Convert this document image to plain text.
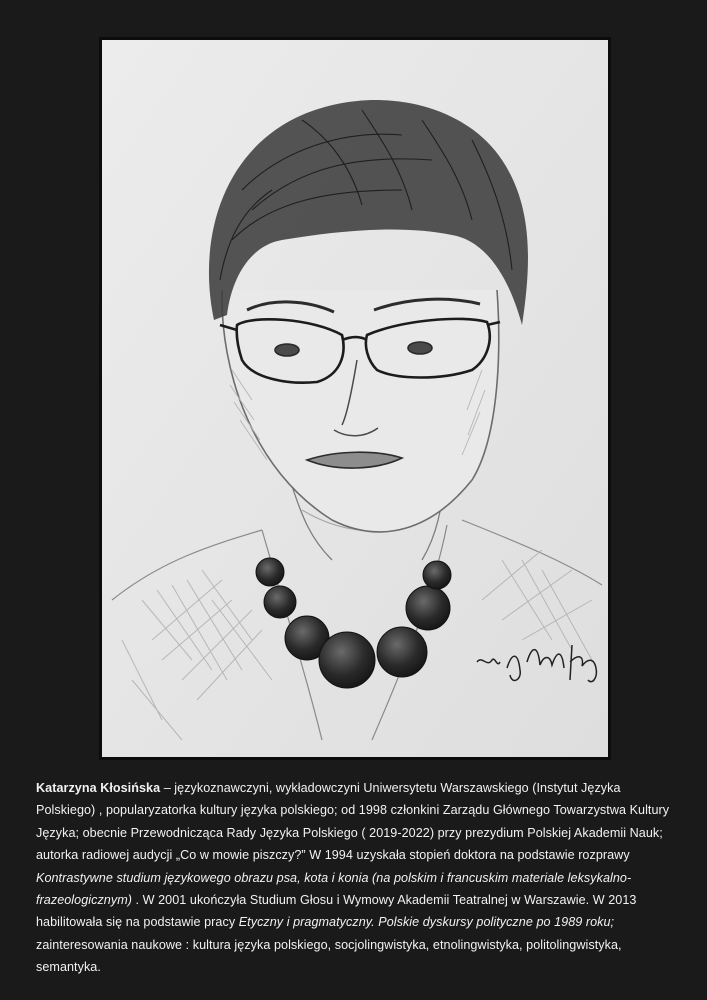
Katarzyna Kłosińska – językoznawczyni, wykładowczyni Uniwersytetu Warszawskiego (Instytut Języka Polskiego) , popularyzatorka kultury języka polskiego; od 1998 członkini Zarządu Głównego Towarzystwa Kultury Języka; obecnie Przewodnicząca Rady Języka Polskiego ( 2019-2022) przy prezydium Polskiej Akademii Nauk; autorka radiowej audycji „Co w mowie piszczy?” W 1994 uzyskała stopień doktora na podstawie rozprawy Kontrastywne studium językowego obrazu psa, kota i konia (na polskim i francuskim materiale leksykalno-frazeologicznym) . W 2001 ukończyła Studium Głosu i Wymowy Akademii Teatralnej w Warszawie. W 2013 habilitowała się na podstawie pracy Etyczny i pragmatyczny. Polskie dyskursy polityczne po 1989 roku; zainteresowania naukowe : kultura języka polskiego, socjolingwistyka, etnolingwistyka, politolingwistyka, semantyka.
